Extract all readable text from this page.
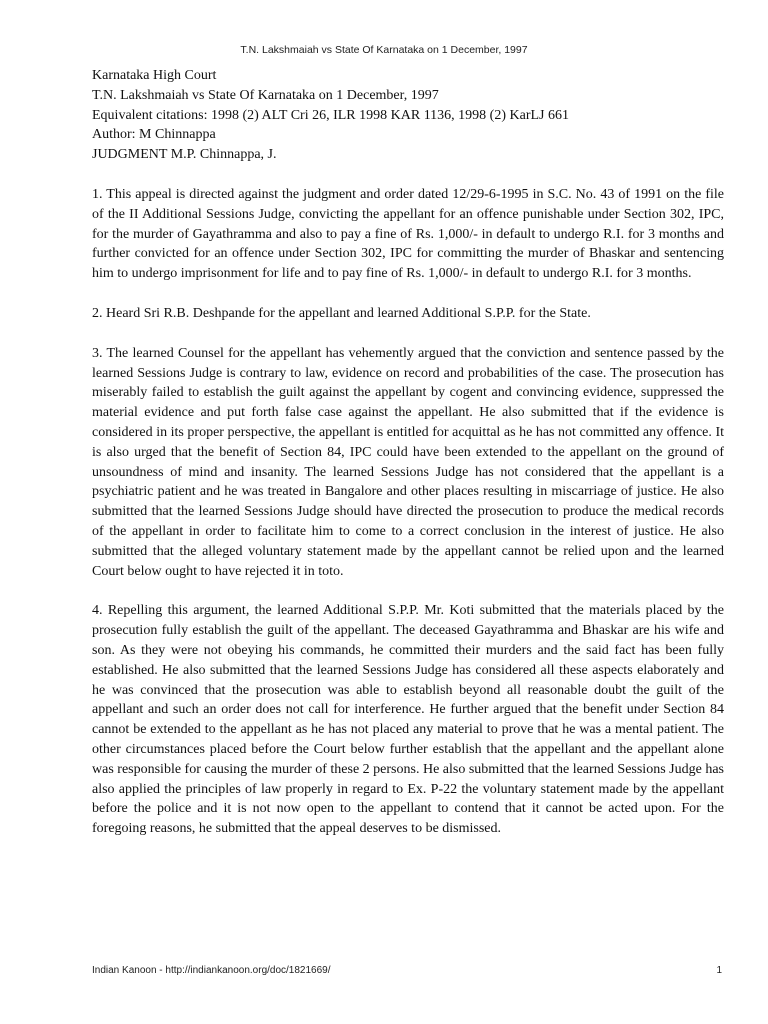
T.N. Lakshmaiah vs State Of Karnataka on 1 December, 1997

Karnataka High Court

T.N. Lakshmaiah vs State Of Karnataka on 1 December, 1997

Equivalent citations: 1998 (2) ALT Cri 26, ILR 1998 KAR 1136, 1998 (2) KarLJ 661

Author: M Chinnappa

JUDGMENT M.P. Chinnappa, J.

1. This appeal is directed against the judgment and order dated 12/29-6-1995 in S.C. No. 43 of 1991 on the file of the II Additional Sessions Judge, convicting the appellant for an offence punishable under Section 302, IPC, for the murder of Gayathramma and also to pay a fine of Rs. 1,000/- in default to undergo R.I. for 3 months and further convicted for an offence under Section 302, IPC for committing the murder of Bhaskar and sentencing him to undergo imprisonment for life and to pay fine of Rs. 1,000/- in default to undergo R.I. for 3 months.

2. Heard Sri R.B. Deshpande for the appellant and learned Additional S.P.P. for the State.

3. The learned Counsel for the appellant has vehemently argued that the conviction and sentence passed by the learned Sessions Judge is contrary to law, evidence on record and probabilities of the case. The prosecution has miserably failed to establish the guilt against the appellant by cogent and convincing evidence, suppressed the material evidence and put forth false case against the appellant. He also submitted that if the evidence is considered in its proper perspective, the appellant is entitled for acquittal as he has not committed any offence. It is also urged that the benefit of Section 84, IPC could have been extended to the appellant on the ground of unsoundness of mind and insanity. The learned Sessions Judge has not considered that the appellant is a psychiatric patient and he was treated in Bangalore and other places resulting in miscarriage of justice. He also submitted that the learned Sessions Judge should have directed the prosecution to produce the medical records of the appellant in order to facilitate him to come to a correct conclusion in the interest of justice. He also submitted that the alleged voluntary statement made by the appellant cannot be relied upon and the learned Court below ought to have rejected it in toto.

4. Repelling this argument, the learned Additional S.P.P. Mr. Koti submitted that the materials placed by the prosecution fully establish the guilt of the appellant. The deceased Gayathramma and Bhaskar are his wife and son. As they were not obeying his commands, he committed their murders and the said fact has been fully established. He also submitted that the learned Sessions Judge has considered all these aspects elaborately and he was convinced that the prosecution was able to establish beyond all reasonable doubt the guilt of the appellant and such an order does not call for interference. He further argued that the benefit under Section 84 cannot be extended to the appellant as he has not placed any material to prove that he was a mental patient. The other circumstances placed before the Court below further establish that the appellant and the appellant alone was responsible for causing the murder of these 2 persons. He also submitted that the learned Sessions Judge has also applied the principles of law properly in regard to Ex. P-22 the voluntary statement made by the appellant before the police and it is not now open to the appellant to contend that it cannot be acted upon. For the foregoing reasons, he submitted that the appeal deserves to be dismissed.

Indian Kanoon - http://indiankanoon.org/doc/1821669/	1
